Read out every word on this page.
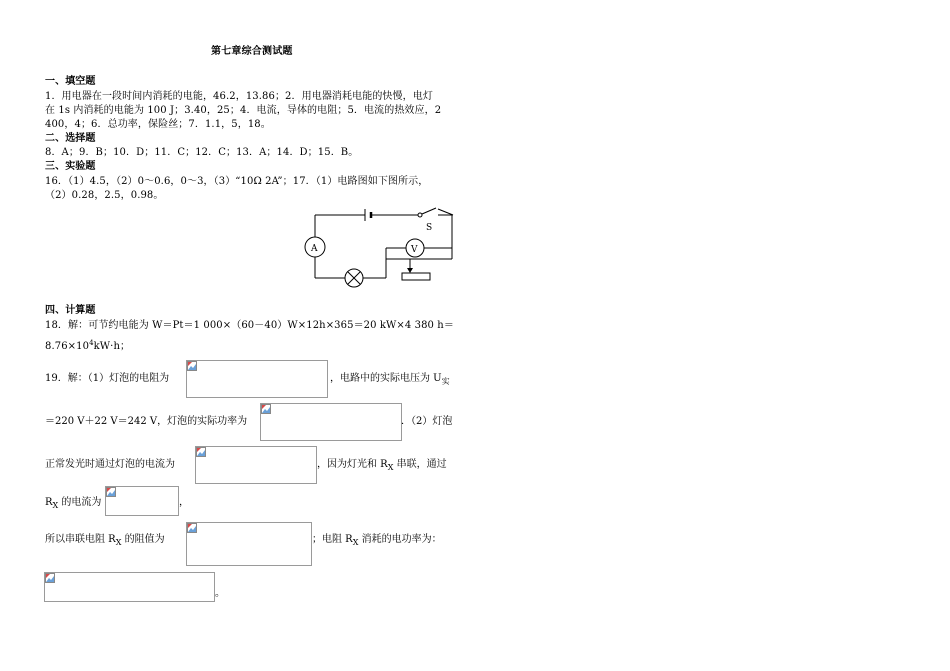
第七章综合测试题
一、填空题
1．用电器在一段时间内消耗的电能，46.2，13.86；2．用电器消耗电能的快慢，电灯
在 1s 内消耗的电能为 100 J；3.40，25；4．电流，导体的电阻；5．电流的热效应，2
400，4；6．总功率，保险丝；7．1.1，5，18。
二、选择题
8．A；9．B；10．D；11．C；12．C；13．A；14．D；15．B。
三、实验题
16．（1）4.5，（2）0～0.6，0～3，（3）“10Ω 2A”；17．（1）电路图如下图所示，
（2）0.28，2.5，0.98。
S
A	V
四、计算题
18．解：可节约电能为 W＝Pt＝1 000×（60－40）W×12h×365＝20 kW×4 380 h＝
$8.76\times 10^4kW\cdot h$；
19．解：（1）灯泡的电阻为	，电路中的实际电压为 $U_实$
＝220 V＋22 V＝242 V，灯泡的实际功率为	．（2）灯泡
正常发光时通过灯泡的电流为	，因为灯光和 $R_X$ 串联，通过
$R_X$ 的电流为	，
所以串联电阻 $R_X$ 的阻值为	；电阻 $R_X$ 消耗的电功率为：
。
